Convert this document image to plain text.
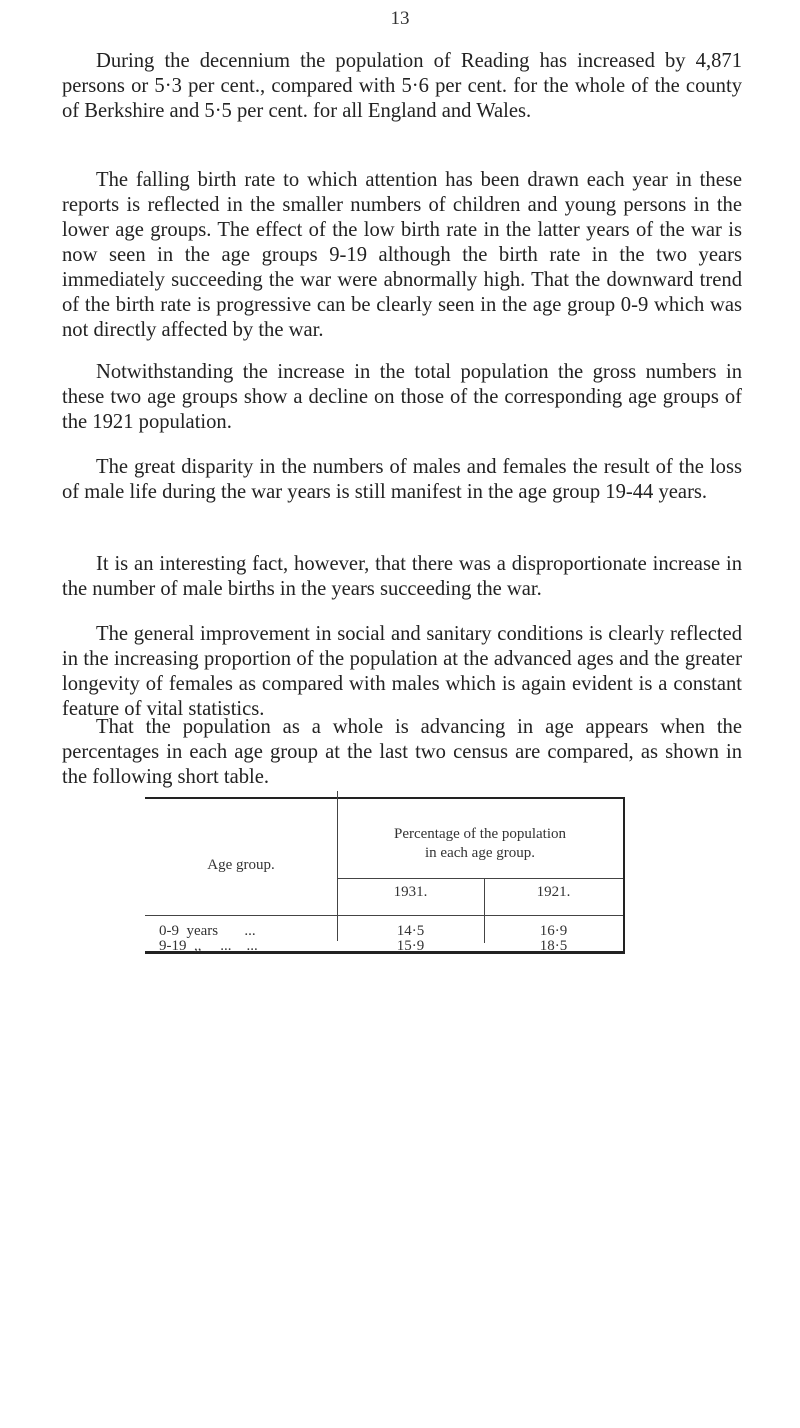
13

During the decennium the population of Reading has increased by 4,871 persons or 5·3 per cent., compared with 5·6 per cent. for the whole of the county of Berkshire and 5·5 per cent. for all England and Wales.

The falling birth rate to which attention has been drawn each year in these reports is reflected in the smaller numbers of children and young persons in the lower age groups. The effect of the low birth rate in the latter years of the war is now seen in the age groups 9-19 although the birth rate in the two years immediately succeeding the war were abnormally high. That the downward trend of the birth rate is progressive can be clearly seen in the age group 0-9 which was not directly affected by the war.

Notwithstanding the increase in the total population the gross numbers in these two age groups show a decline on those of the corresponding age groups of the 1921 population.

The great disparity in the numbers of males and females the result of the loss of male life during the war years is still manifest in the age group 19-44 years.

It is an interesting fact, however, that there was a disproportionate increase in the number of male births in the years succeeding the war.

The general improvement in social and sanitary conditions is clearly reflected in the increasing proportion of the population at the advanced ages and the greater longevity of females as compared with males which is again evident is a constant feature of vital statistics.

That the population as a whole is advancing in age appears when the percentages in each age group at the last two census are compared, as shown in the following short table.

Age group.
Percentage of the population
in each age group.
1931.	1921.
0-9  years       ...	14·5	16·9
9-19  ,,     ...    ...	15·9	18·5
